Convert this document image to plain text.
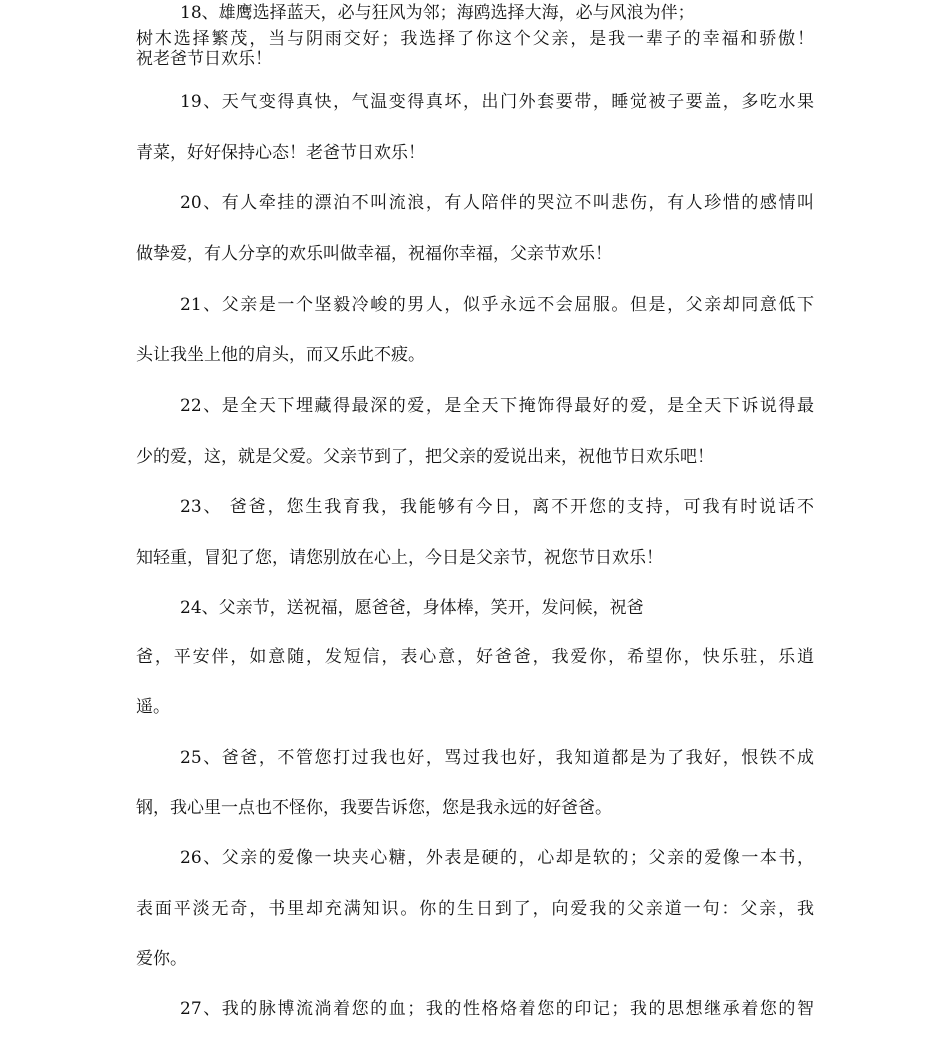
18、雄鹰选择蓝天，必与狂风为邻；海鸥选择大海，必与风浪为伴；
树木选择繁茂，当与阴雨交好；我选择了你这个父亲，是我一辈子的幸福和骄傲！
祝老爸节日欢乐！
19、天气变得真快，气温变得真坏，出门外套要带，睡觉被子要盖，多吃水果
青菜，好好保持心态！老爸节日欢乐！
20、有人牵挂的漂泊不叫流浪，有人陪伴的哭泣不叫悲伤，有人珍惜的感情叫
做挚爱，有人分享的欢乐叫做幸福，祝福你幸福，父亲节欢乐！
21、父亲是一个坚毅冷峻的男人，似乎永远不会屈服。但是，父亲却同意低下
头让我坐上他的肩头，而又乐此不疲。
22、是全天下埋藏得最深的爱，是全天下掩饰得最好的爱，是全天下诉说得最
少的爱，这，就是父爱。父亲节到了，把父亲的爱说出来，祝他节日欢乐吧！
23、 爸爸，您生我育我，我能够有今日，离不开您的支持，可我有时说话不
知轻重，冒犯了您，请您别放在心上，今日是父亲节，祝您节日欢乐！
24、父亲节，送祝福，愿爸爸，身体棒，笑开，发问候，祝爸
爸，平安伴，如意随，发短信，表心意，好爸爸，我爱你，希望你，快乐驻，乐逍
遥。
25、爸爸，不管您打过我也好，骂过我也好，我知道都是为了我好，恨铁不成
钢，我心里一点也不怪你，我要告诉您，您是我永远的好爸爸。
26、父亲的爱像一块夹心糖，外表是硬的，心却是软的；父亲的爱像一本书，
表面平淡无奇，书里却充满知识。你的生日到了，向爱我的父亲道一句：父亲，我
爱你。
27、我的脉博流淌着您的血；我的性格烙着您的印记；我的思想继承着您的智
